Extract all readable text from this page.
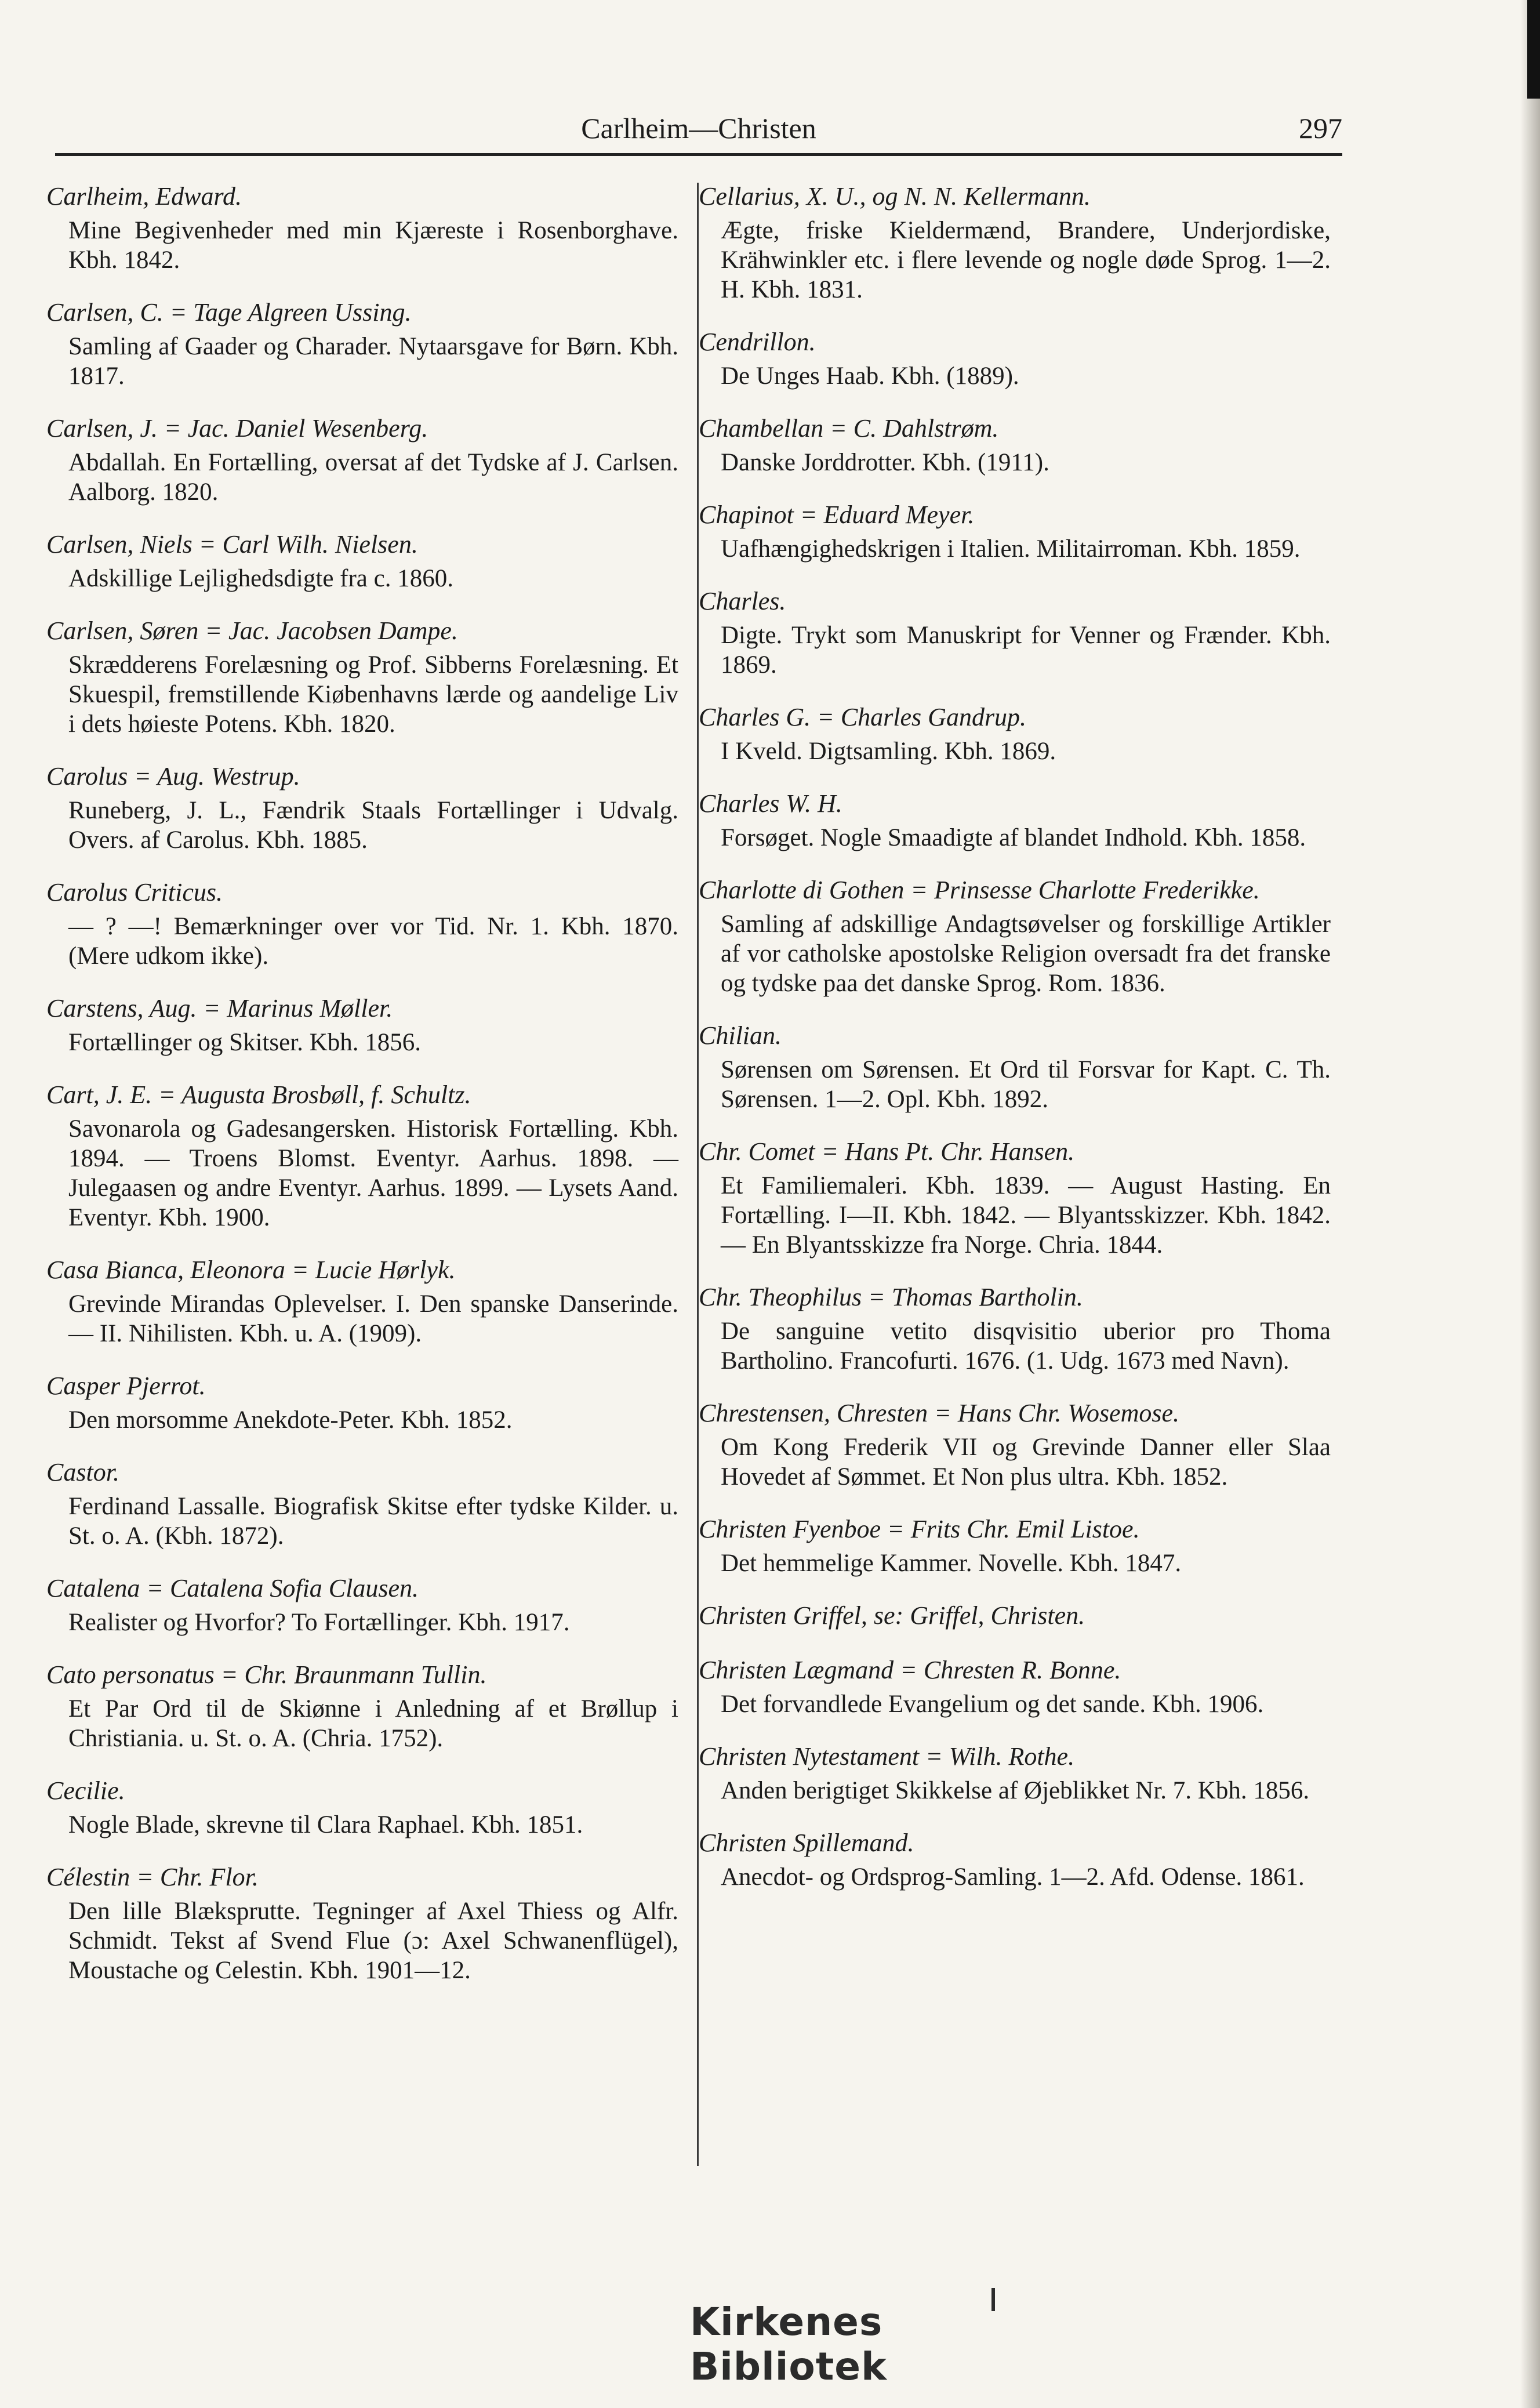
Carlheim—Christen	297
Carlheim, Edward.
Mine Begivenheder med min Kjæreste i Rosenborghave. Kbh. 1842.
Carlsen, C. = Tage Algreen Ussing.
Samling af Gaader og Charader. Nytaarsgave for Børn. Kbh. 1817.
Carlsen, J. = Jac. Daniel Wesenberg.
Abdallah. En Fortælling, oversat af det Tydske af J. Carlsen. Aalborg. 1820.
Carlsen, Niels = Carl Wilh. Nielsen.
Adskillige Lejlighedsdigte fra c. 1860.
Carlsen, Søren = Jac. Jacobsen Dampe.
Skrædderens Forelæsning og Prof. Sibberns Forelæsning. Et Skuespil, fremstillende Kiøbenhavns lærde og aandelige Liv i dets høieste Potens. Kbh. 1820.
Carolus = Aug. Westrup.
Runeberg, J. L., Fændrik Staals Fortællinger i Udvalg. Overs. af Carolus. Kbh. 1885.
Carolus Criticus.
— ? —! Bemærkninger over vor Tid. Nr. 1. Kbh. 1870. (Mere udkom ikke).
Carstens, Aug. = Marinus Møller.
Fortællinger og Skitser. Kbh. 1856.
Cart, J. E. = Augusta Brosbøll, f. Schultz.
Savonarola og Gadesangersken. Historisk Fortælling. Kbh. 1894. — Troens Blomst. Eventyr. Aarhus. 1898. — Julegaasen og andre Eventyr. Aarhus. 1899. — Lysets Aand. Eventyr. Kbh. 1900.
Casa Bianca, Eleonora = Lucie Hørlyk.
Grevinde Mirandas Oplevelser. I. Den spanske Danserinde. — II. Nihilisten. Kbh. u. A. (1909).
Casper Pjerrot.
Den morsomme Anekdote-Peter. Kbh. 1852.
Castor.
Ferdinand Lassalle. Biografisk Skitse efter tydske Kilder. u. St. o. A. (Kbh. 1872).
Catalena = Catalena Sofia Clausen.
Realister og Hvorfor? To Fortællinger. Kbh. 1917.
Cato personatus = Chr. Braunmann Tullin.
Et Par Ord til de Skiønne i Anledning af et Brøllup i Christiania. u. St. o. A. (Chria. 1752).
Cecilie.
Nogle Blade, skrevne til Clara Raphael. Kbh. 1851.
Célestin = Chr. Flor.
Den lille Blæksprutte. Tegninger af Axel Thiess og Alfr. Schmidt. Tekst af Svend Flue (ɔ: Axel Schwanenflügel), Moustache og Celestin. Kbh. 1901—12.
Cellarius, X. U., og N. N. Kellermann.
Ægte, friske Kieldermænd, Brandere, Underjordiske, Krähwinkler etc. i flere levende og nogle døde Sprog. 1—2. H. Kbh. 1831.
Cendrillon.
De Unges Haab. Kbh. (1889).
Chambellan = C. Dahlstrøm.
Danske Jorddrotter. Kbh. (1911).
Chapinot = Eduard Meyer.
Uafhængighedskrigen i Italien. Militairroman. Kbh. 1859.
Charles.
Digte. Trykt som Manuskript for Venner og Frænder. Kbh. 1869.
Charles G. = Charles Gandrup.
I Kveld. Digtsamling. Kbh. 1869.
Charles W. H.
Forsøget. Nogle Smaadigte af blandet Indhold. Kbh. 1858.
Charlotte di Gothen = Prinsesse Charlotte Frederikke.
Samling af adskillige Andagtsøvelser og forskillige Artikler af vor catholske apostolske Religion oversadt fra det franske og tydske paa det danske Sprog. Rom. 1836.
Chilian.
Sørensen om Sørensen. Et Ord til Forsvar for Kapt. C. Th. Sørensen. 1—2. Opl. Kbh. 1892.
Chr. Comet = Hans Pt. Chr. Hansen.
Et Familiemaleri. Kbh. 1839. — August Hasting. En Fortælling. I—II. Kbh. 1842. — Blyantsskizzer. Kbh. 1842. — En Blyantsskizze fra Norge. Chria. 1844.
Chr. Theophilus = Thomas Bartholin.
De sanguine vetito disqvisitio uberior pro Thoma Bartholino. Francofurti. 1676. (1. Udg. 1673 med Navn).
Chrestensen, Chresten = Hans Chr. Wosemose.
Om Kong Frederik VII og Grevinde Danner eller Slaa Hovedet af Sømmet. Et Non plus ultra. Kbh. 1852.
Christen Fyenboe = Frits Chr. Emil Listoe.
Det hemmelige Kammer. Novelle. Kbh. 1847.
Christen Griffel, se: Griffel, Christen.
Christen Lægmand = Chresten R. Bonne.
Det forvandlede Evangelium og det sande. Kbh. 1906.
Christen Nytestament = Wilh. Rothe.
Anden berigtiget Skikkelse af Øjeblikket Nr. 7. Kbh. 1856.
Christen Spillemand.
Anecdot- og Ordsprog-Samling. 1—2. Afd. Odense. 1861.
Kirkenes Bibliotek
